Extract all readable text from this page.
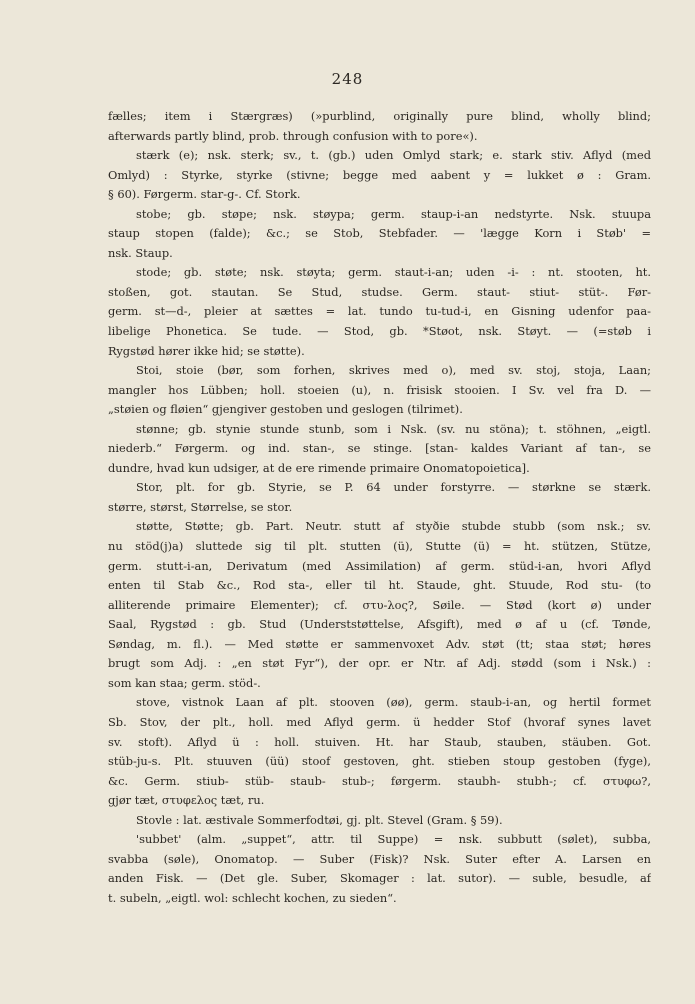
248
fælles; item i Stærgræs) (»purblind, originally pure blind, wholly blind;
afterwards partly blind, prob. through confusion with to pore«).
stærk (e); nsk. sterk; sv., t. (gb.) uden Omlyd stark; e. stark stiv. Aflyd (med
Omlyd) : Styrke, styrke (stivne; begge med aabent y = lukket ø : Gram.
§ 60). Førgerm. star-g-. Cf. Stork.
stobe; gb. støpe; nsk. støypa; germ. staup-i-an nedstyrte. Nsk. stuupa
staup stopen (falde); &c.; se Stob, Stebfader. — 'lægge Korn i Støb' =
nsk. Staup.
stode; gb. støte; nsk. støyta; germ. staut-i-an; uden -i- : nt. stooten, ht.
stoßen, got. stautan. Se Stud, studse. Germ. staut- stiut- stüt-. Før-
germ. st—d-, pleier at sættes = lat. tundo tu-tud-i, en Gisning udenfor paa-
libelige Phonetica. Se tude. — Stod, gb. *Støot, nsk. Støyt. — (=støb i
Rygstød hører ikke hid; se støtte).
Stoi, stoie (bør, som forhen, skrives med o), med sv. stoj, stoja, Laan;
mangler hos Lübben; holl. stoeien (u), n. frisisk stooien. I Sv. vel fra D. —
„støien og fløien“ gjengiver gestoben und geslogen (tilrimet).
stønne; gb. stynie stunde stunb, som i Nsk. (sv. nu stöna); t. stöhnen, „eigtl.
niederb.“ Førgerm. og ind. stan-, se stinge. [stan- kaldes Variant af tan-, se
dundre, hvad kun udsiger, at de ere rimende primaire Onomatopoietica].
Stor, plt. for gb. Styrie, se P. 64 under forstyrre. — størkne se stærk.
større, størst, Størrelse, se stor.
støtte, Støtte; gb. Part. Neutr. stutt af styðie stubde stubb (som nsk.; sv.
nu stöd(j)a) sluttede sig til plt. stutten (ü), Stutte (ü) = ht. stützen, Stütze,
germ. stutt-i-an, Derivatum (med Assimilation) af germ. stüd-i-an, hvori Aflyd
enten til Stab &c., Rod sta-, eller til ht. Staude, ght. Stuude, Rod stu- (to
alliterende primaire Elementer); cf. στυ-λος?, Søile. — Stød (kort ø) under
Saal, Rygstød : gb. Stud (Underststøttelse, Afsgift), med ø af u (cf. Tønde,
Søndag, m. fl.). — Med støtte er sammenvoxet Adv. støt (tt; staa støt; høres
brugt som Adj. : „en støt Fyr“), der opr. er Ntr. af Adj. stødd (som i Nsk.) :
som kan staa; germ. stöd-.
stove, vistnok Laan af plt. stooven (øø), germ. staub-i-an, og hertil formet
Sb. Stov, der plt., holl. med Aflyd germ. ü hedder Stof (hvoraf synes lavet
sv. stoft). Aflyd ü : holl. stuiven. Ht. har Staub, stauben, stäuben. Got.
stüb-ju-s. Plt. stuuven (üü) stoof gestoven, ght. stieben stoup gestoben (fyge),
&c. Germ. stiub- stüb- staub- stub-; førgerm. staubh- stubh-; cf. στυφω?,
gjør tæt, στυφελος tæt, ru.
Stovle : lat. æstivale Sommerfodtøi, gj. plt. Stevel (Gram. § 59).
'subbet' (alm. „suppet“, attr. til Suppe) = nsk. subbutt (sølet), subba,
svabba (søle), Onomatop. — Suber (Fisk)? Nsk. Suter efter A. Larsen en
anden Fisk. — (Det gle. Suber, Skomager : lat. sutor). — suble, besudle, af
t. subeln, „eigtl. wol: schlecht kochen, zu sieden“.
